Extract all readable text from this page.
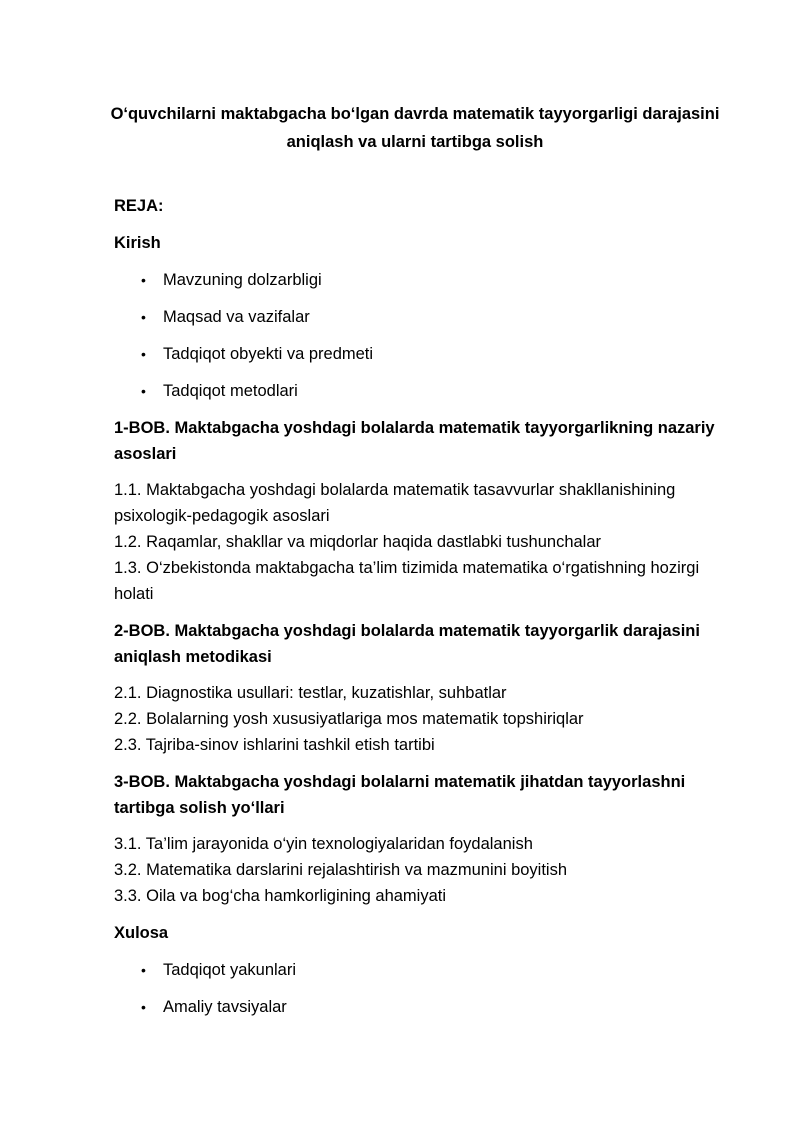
O‘quvchilarni maktabgacha bo‘lgan davrda matematik tayyorgarligi darajasini aniqlash va ularni tartibga solish

REJA:

Kirish

• Mavzuning dolzarbligi
• Maqsad va vazifalar
• Tadqiqot obyekti va predmeti
• Tadqiqot metodlari

1-BOB. Maktabgacha yoshdagi bolalarda matematik tayyorgarlikning nazariy asoslari

1.1. Maktabgacha yoshdagi bolalarda matematik tasavvurlar shakllanishining psixologik-pedagogik asoslari

1.2. Raqamlar, shakllar va miqdorlar haqida dastlabki tushunchalar

1.3. O‘zbekistonda maktabgacha ta’lim tizimida matematika o‘rgatishning hozirgi holati

2-BOB. Maktabgacha yoshdagi bolalarda matematik tayyorgarlik darajasini aniqlash metodikasi

2.1. Diagnostika usullari: testlar, kuzatishlar, suhbatlar

2.2. Bolalarning yosh xususiyatlariga mos matematik topshiriqlar

2.3. Tajriba-sinov ishlarini tashkil etish tartibi

3-BOB. Maktabgacha yoshdagi bolalarni matematik jihatdan tayyorlashni tartibga solish yo‘llari

3.1. Ta’lim jarayonida o‘yin texnologiyalaridan foydalanish

3.2. Matematika darslarini rejalashtirish va mazmunini boyitish

3.3. Oila va bog‘cha hamkorligining ahamiyati

Xulosa

• Tadqiqot yakunlari
• Amaliy tavsiyalar
